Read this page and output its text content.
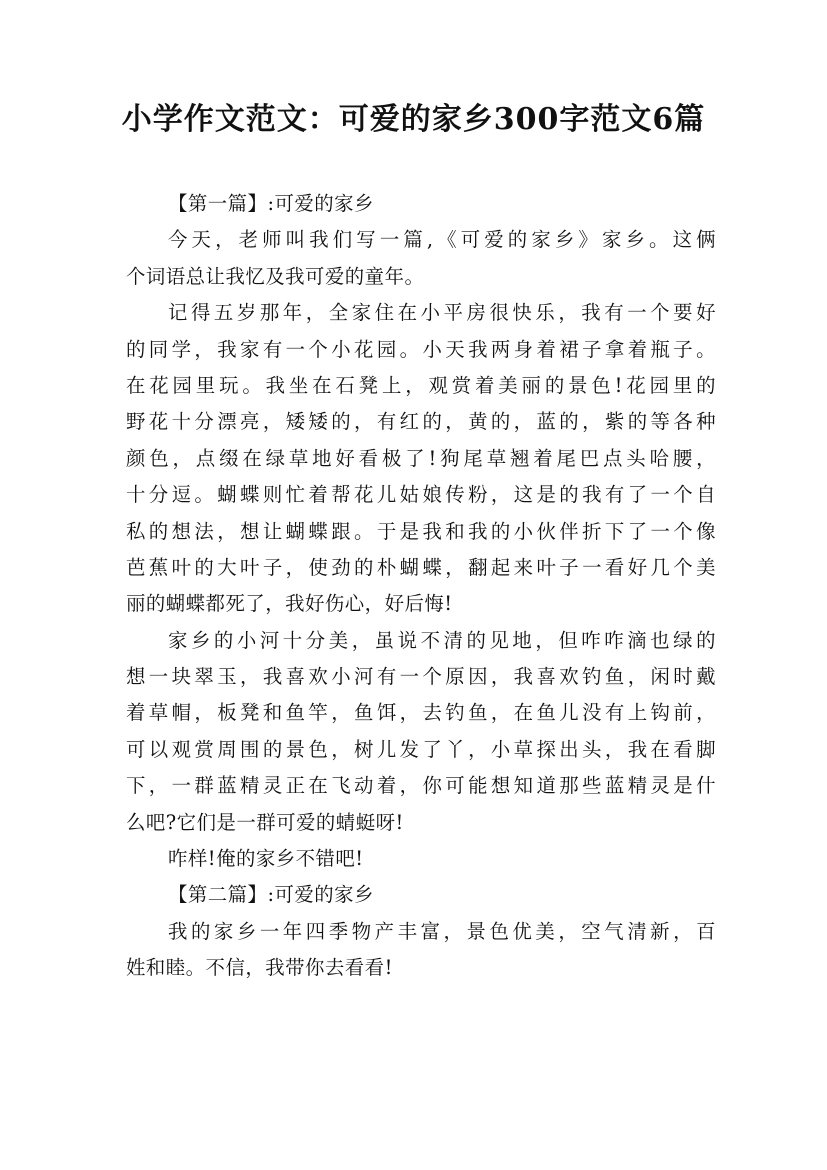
小学作文范文：可爱的家乡300字范文6篇
【第一篇】:可爱的家乡
今天，老师叫我们写一篇,《可爱的家乡》家乡。这俩
个词语总让我忆及我可爱的童年。
记得五岁那年，全家住在小平房很快乐，我有一个要好
的同学，我家有一个小花园。小天我两身着裙子拿着瓶子。
在花园里玩。我坐在石凳上，观赏着美丽的景色!花园里的
野花十分漂亮，矮矮的，有红的，黄的，蓝的，紫的等各种
颜色，点缀在绿草地好看极了!狗尾草翘着尾巴点头哈腰，
十分逗。蝴蝶则忙着帮花儿姑娘传粉，这是的我有了一个自
私的想法，想让蝴蝶跟。于是我和我的小伙伴折下了一个像
芭蕉叶的大叶子，使劲的朴蝴蝶，翻起来叶子一看好几个美
丽的蝴蝶都死了，我好伤心，好后悔!
家乡的小河十分美，虽说不清的见地，但咋咋滴也绿的
想一块翠玉，我喜欢小河有一个原因，我喜欢钓鱼，闲时戴
着草帽，板凳和鱼竿，鱼饵，去钓鱼，在鱼儿没有上钩前，
可以观赏周围的景色，树儿发了丫，小草探出头，我在看脚
下，一群蓝精灵正在飞动着，你可能想知道那些蓝精灵是什
么吧?它们是一群可爱的蜻蜓呀!
咋样!俺的家乡不错吧!
【第二篇】:可爱的家乡
我的家乡一年四季物产丰富，景色优美，空气清新，百
姓和睦。不信，我带你去看看!
